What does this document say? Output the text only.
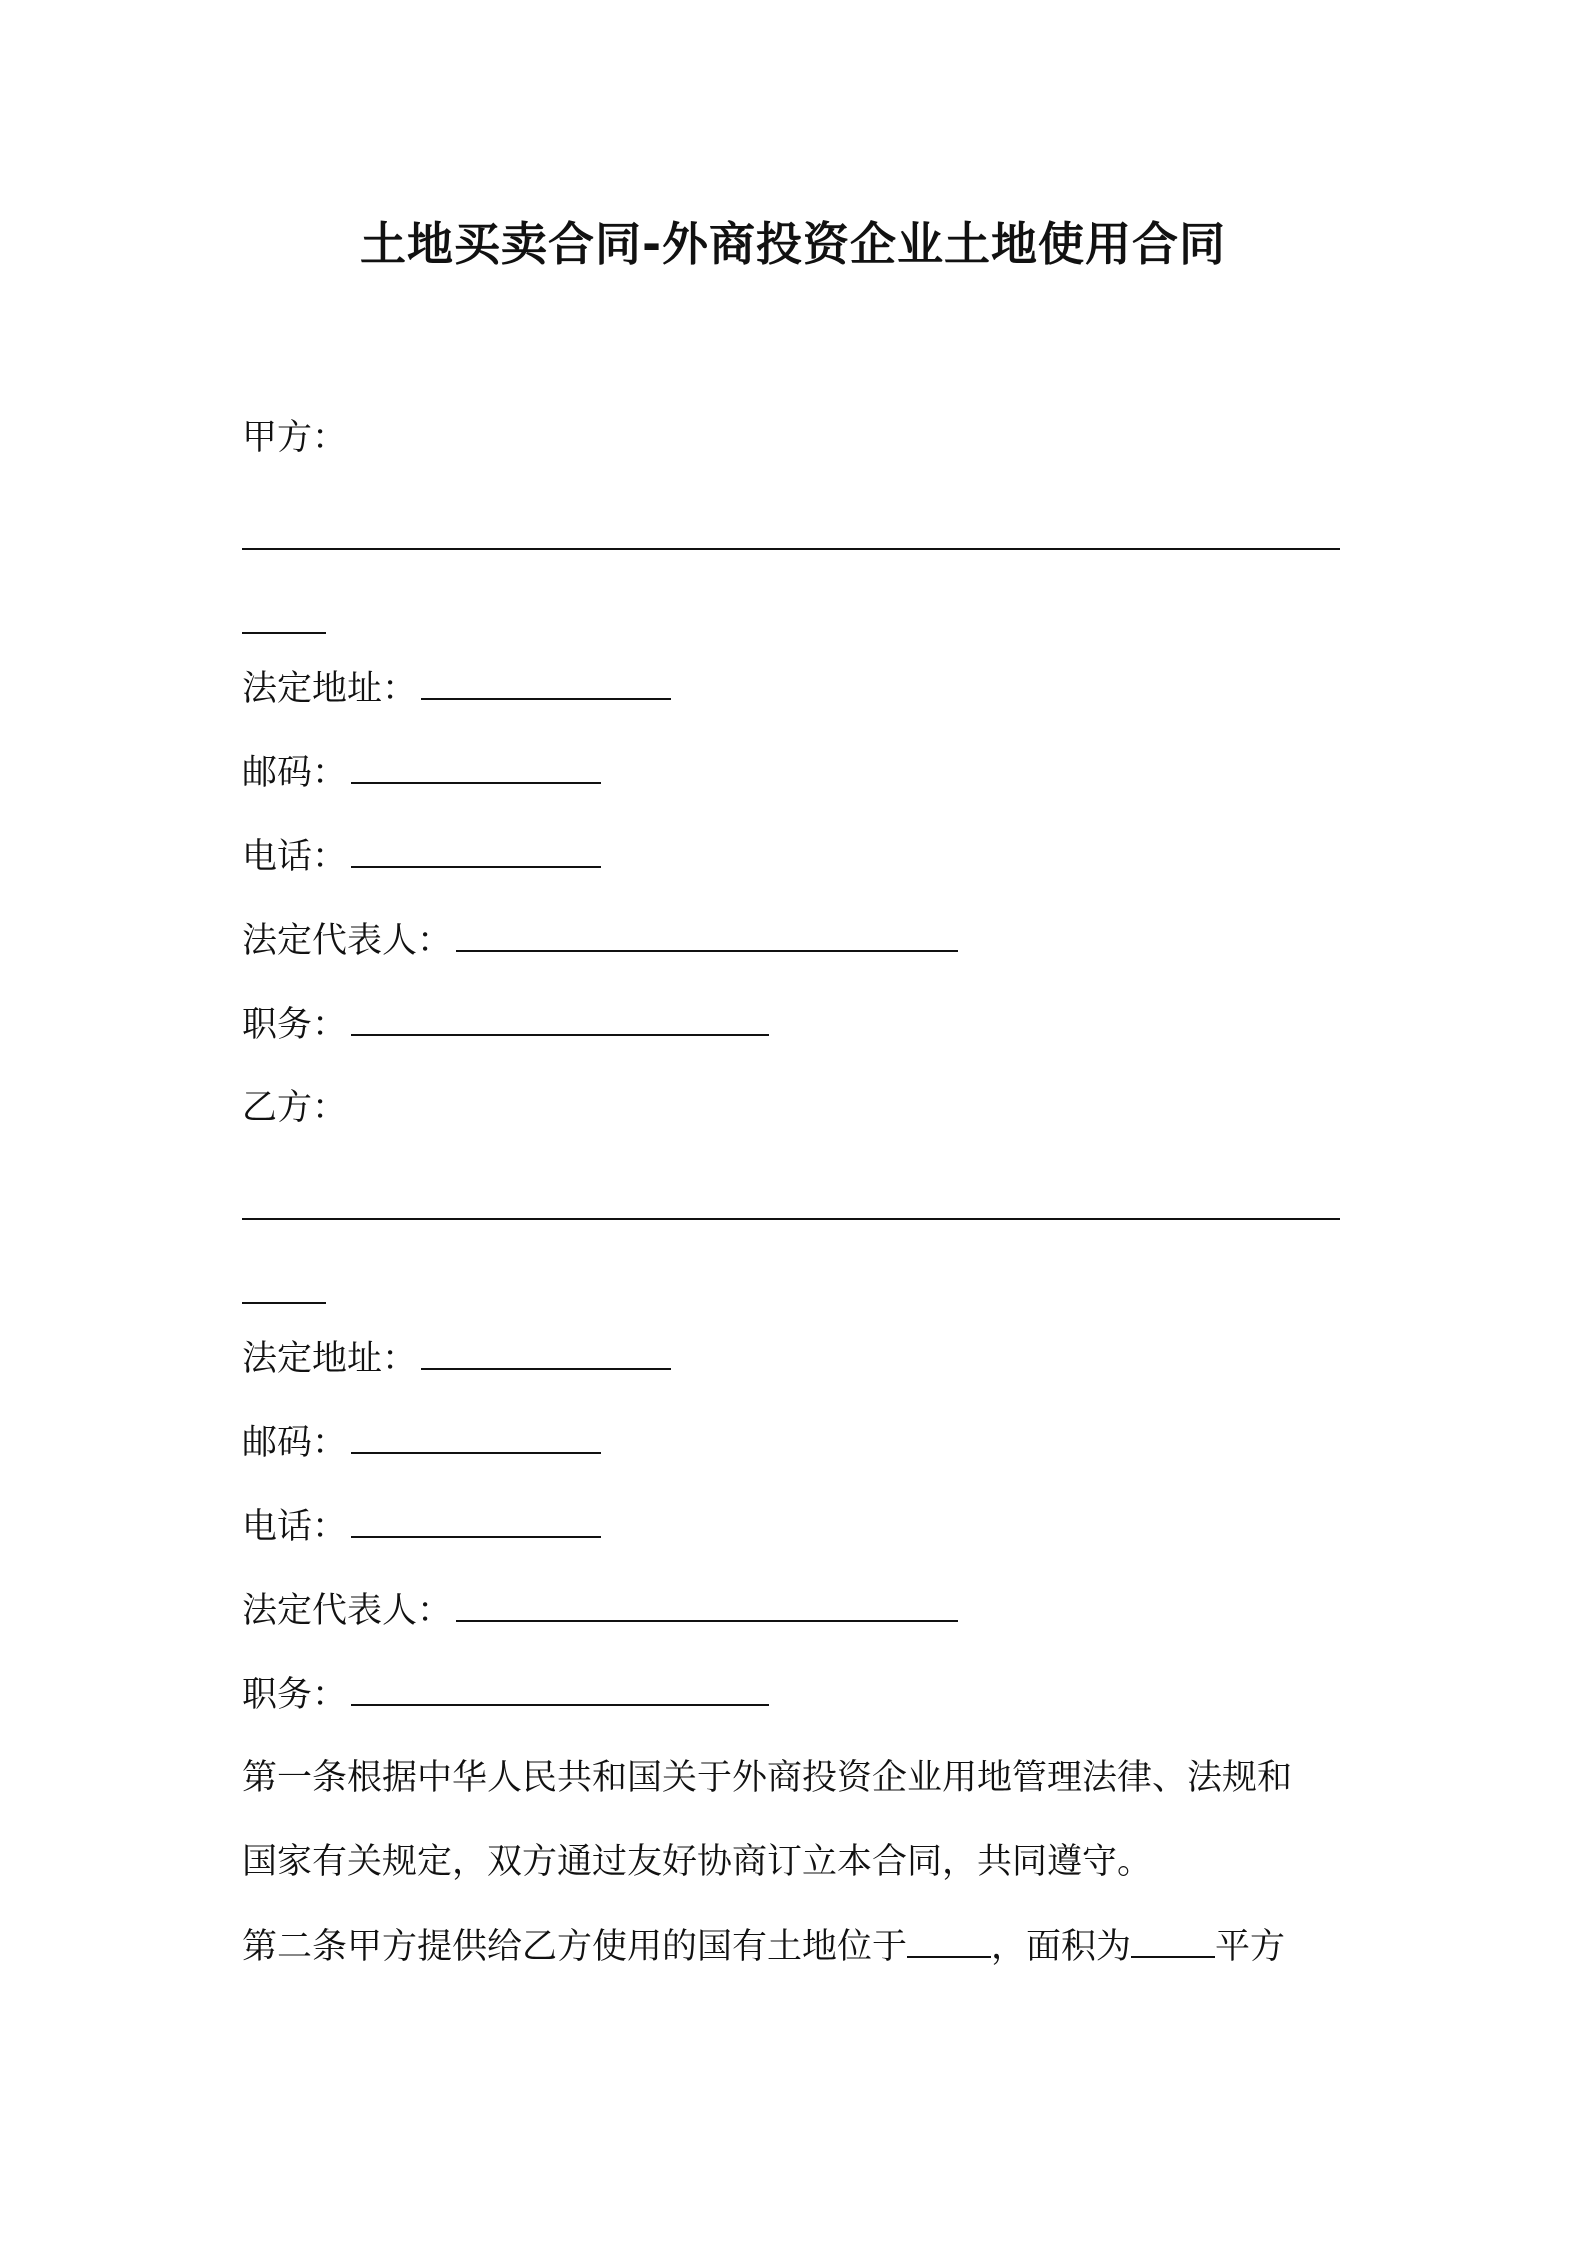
土地买卖合同-外商投资企业土地使用合同
甲方：
法定地址：
邮码：
电话：
法定代表人：
职务：
乙方：
法定地址：
邮码：
电话：
法定代表人：
职务：
第一条根据中华人民共和国关于外商投资企业用地管理法律、法规和
国家有关规定，双方通过友好协商订立本合同，共同遵守。
第二条甲方提供给乙方使用的国有土地位于 ，面积为 平方
